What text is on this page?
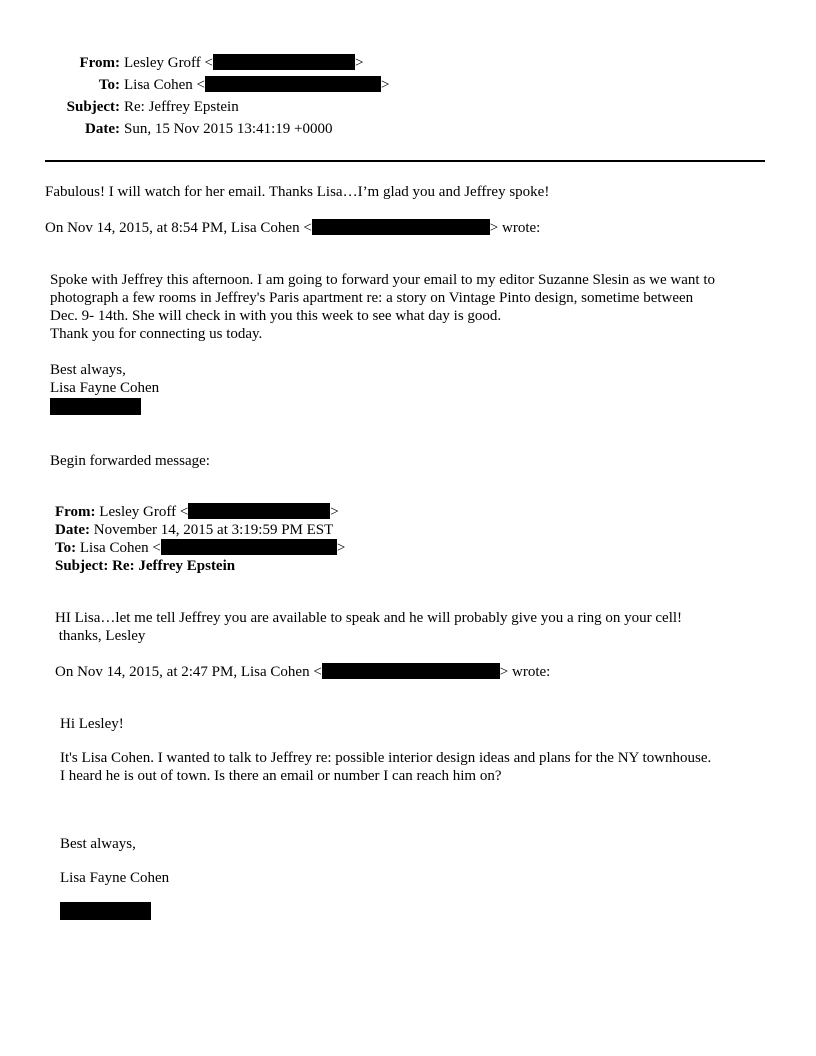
From: Lesley Groff <	>
To: Lisa Cohen <	>
Subject: Re: Jeffrey Epstein
Date: Sun, 15 Nov 2015 13:41:19 +0000
Fabulous! I will watch for her email. Thanks Lisa…I’m glad you and Jeffrey spoke!
On Nov 14, 2015, at 8:54 PM, Lisa Cohen <	> wrote:
Spoke with Jeffrey this afternoon. I am going to forward your email to my editor Suzanne Slesin as we want to
photograph a few rooms in Jeffrey's Paris apartment re: a story on Vintage Pinto design, sometime between
Dec. 9- 14th. She will check in with you this week to see what day is good.
Thank you for connecting us today.
Best always,
Lisa Fayne Cohen
Begin forwarded message:
From: Lesley Groff <	>
Date: November 14, 2015 at 3:19:59 PM EST
To: Lisa Cohen <	>
Subject: Re: Jeffrey Epstein
HI Lisa…let me tell Jeffrey you are available to speak and he will probably give you a ring on your cell!
thanks, Lesley
On Nov 14, 2015, at 2:47 PM, Lisa Cohen <	> wrote:
Hi Lesley!
It's Lisa Cohen. I wanted to talk to Jeffrey re: possible interior design ideas and plans for the NY townhouse.
I heard he is out of town. Is there an email or number I can reach him on?
Best always,
Lisa Fayne Cohen
